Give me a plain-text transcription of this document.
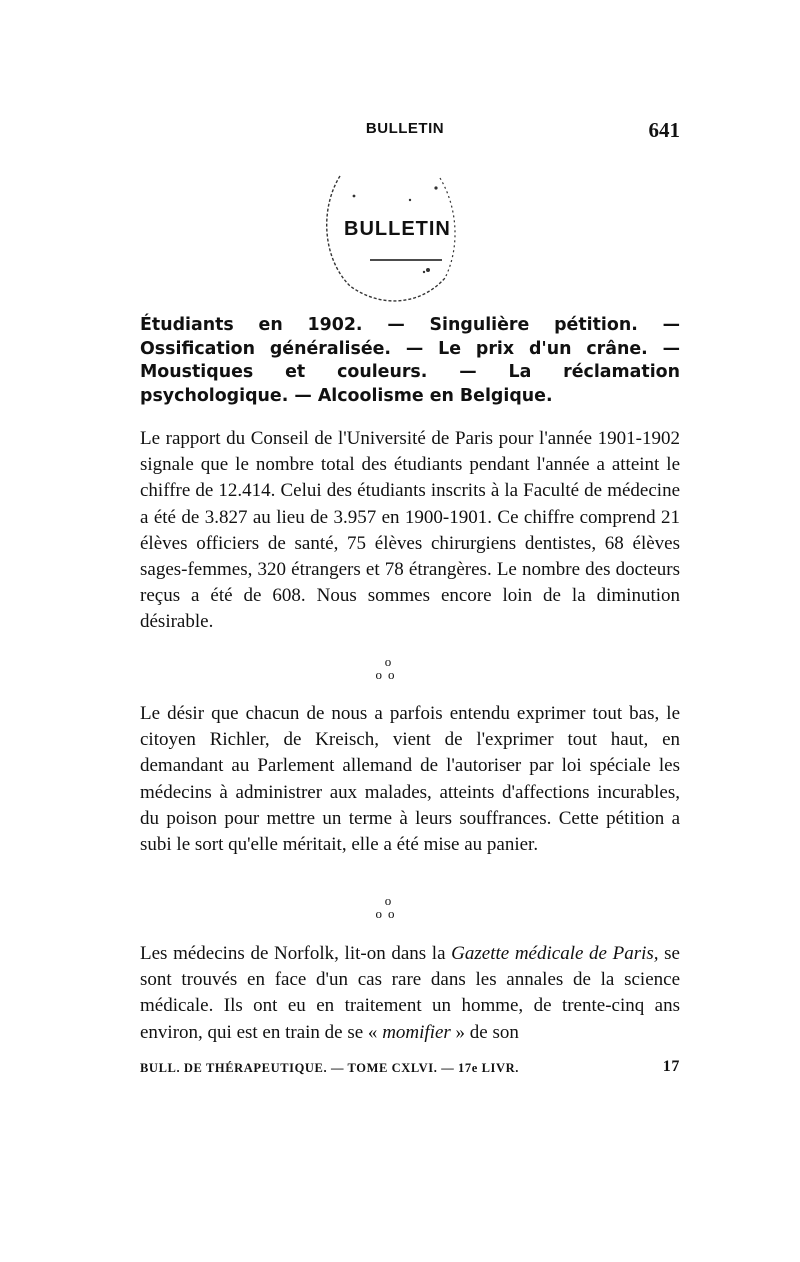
BULLETIN	641
BULLETIN
Étudiants en 1902. — Singulière pétition. — Ossification généralisée. — Le prix d'un crâne. — Moustiques et couleurs. — La réclamation psychologique. — Alcoolisme en Belgique.

Le rapport du Conseil de l'Université de Paris pour l'année 1901-1902 signale que le nombre total des étudiants pendant l'année a atteint le chiffre de 12.414. Celui des étudiants inscrits à la Faculté de médecine a été de 3.827 au lieu de 3.957 en 1900-1901. Ce chiffre comprend 21 élèves officiers de santé, 75 élèves chirurgiens dentistes, 68 élèves sages-femmes, 320 étrangers et 78 étrangères. Le nombre des docteurs reçus a été de 608. Nous sommes encore loin de la diminution désirable.

o
oo

Le désir que chacun de nous a parfois entendu exprimer tout bas, le citoyen Richler, de Kreisch, vient de l'exprimer tout haut, en demandant au Parlement allemand de l'autoriser par loi spéciale les médecins à administrer aux malades, atteints d'affections incurables, du poison pour mettre un terme à leurs souffrances. Cette pétition a subi le sort qu'elle méritait, elle a été mise au panier.

o
oo

Les médecins de Norfolk, lit-on dans la Gazette médicale de Paris, se sont trouvés en face d'un cas rare dans les annales de la science médicale. Ils ont eu en traitement un homme, de trente-cinq ans environ, qui est en train de se « momifier » de son

BULL. DE THÉRAPEUTIQUE. — TOME CXLVI. — 17e LIVR.	17
